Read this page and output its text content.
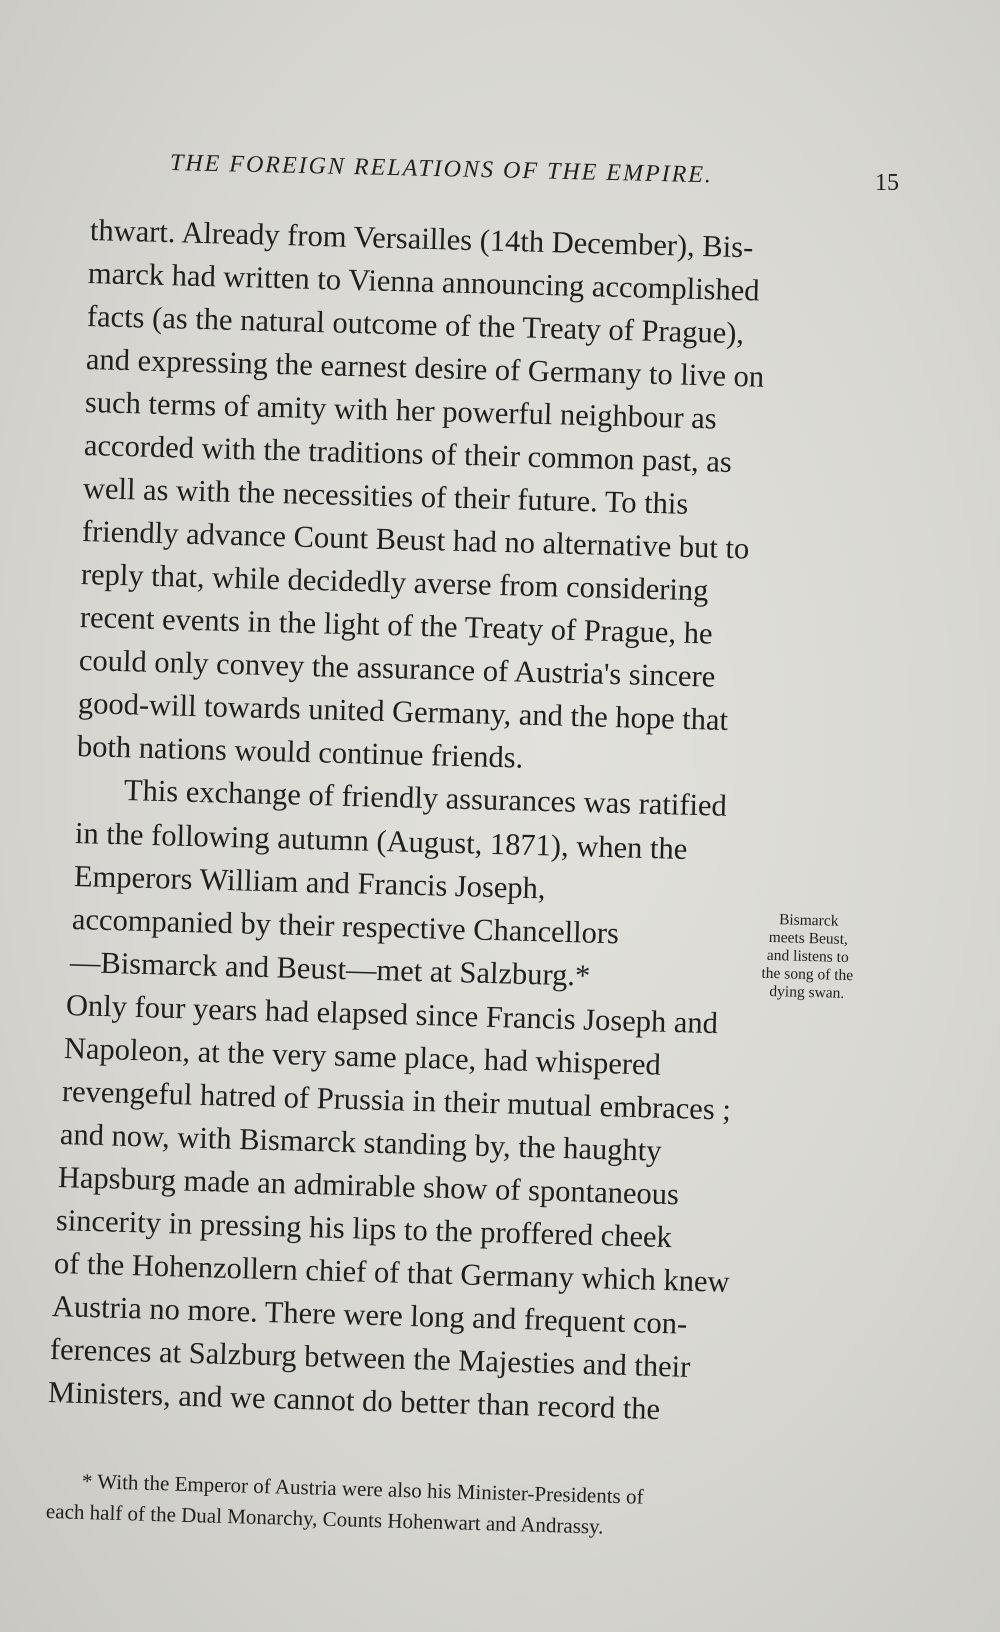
THE FOREIGN RELATIONS OF THE EMPIRE.	15

thwart. Already from Versailles (14th December), Bis-

marck had written to Vienna announcing accomplished

facts (as the natural outcome of the Treaty of Prague),

and expressing the earnest desire of Germany to live on

such terms of amity with her powerful neighbour as

accorded with the traditions of their common past, as

well as with the necessities of their future. To this

friendly advance Count Beust had no alternative but to

reply that, while decidedly averse from considering

recent events in the light of the Treaty of Prague, he

could only convey the assurance of Austria's sincere

good-will towards united Germany, and the hope that

both nations would continue friends.

This exchange of friendly assurances was ratified

in the following autumn (August, 1871), when the

Emperors William and Francis Joseph,

accompanied by their respective Chancellors

—Bismarck and Beust—met at Salzburg.*

Only four years had elapsed since Francis Joseph and

Napoleon, at the very same place, had whispered

revengeful hatred of Prussia in their mutual embraces ;

and now, with Bismarck standing by, the haughty

Hapsburg made an admirable show of spontaneous

sincerity in pressing his lips to the proffered cheek

of the Hohenzollern chief of that Germany which knew

Austria no more. There were long and frequent con-

ferences at Salzburg between the Majesties and their

Ministers, and we cannot do better than record the

Bismarck
meets Beust,
and listens to
the song of the
dying swan.

* With the Emperor of Austria were also his Minister-Presidents of

each half of the Dual Monarchy, Counts Hohenwart and Andrassy.
